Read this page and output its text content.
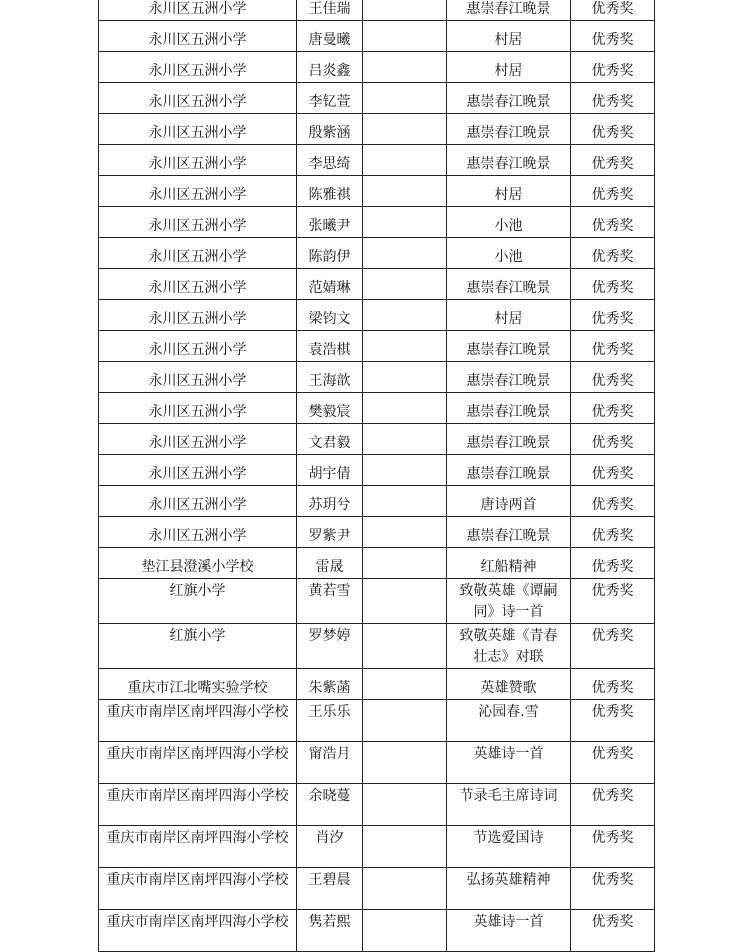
永川区五洲小学	王佳瑞		惠崇春江晚景	优秀奖
永川区五洲小学	唐曼曦		村居	优秀奖
永川区五洲小学	吕炎鑫		村居	优秀奖
永川区五洲小学	李钇萱		惠崇春江晚景	优秀奖
永川区五洲小学	殷紫涵		惠崇春江晚景	优秀奖
永川区五洲小学	李思绮		惠崇春江晚景	优秀奖
永川区五洲小学	陈雅祺		村居	优秀奖
永川区五洲小学	张曦尹		小池	优秀奖
永川区五洲小学	陈韵伊		小池	优秀奖
永川区五洲小学	范婧琳		惠崇春江晚景	优秀奖
永川区五洲小学	梁钧文		村居	优秀奖
永川区五洲小学	袁浩棋		惠崇春江晚景	优秀奖
永川区五洲小学	王海歆		惠崇春江晚景	优秀奖
永川区五洲小学	樊毅宸		惠崇春江晚景	优秀奖
永川区五洲小学	文君毅		惠崇春江晚景	优秀奖
永川区五洲小学	胡宇倩		惠崇春江晚景	优秀奖
永川区五洲小学	苏玥兮		唐诗两首	优秀奖
永川区五洲小学	罗紫尹		惠崇春江晚景	优秀奖
垫江县澄溪小学校	雷晟		红船精神	优秀奖
红旗小学	黄若雪		致敬英雄《谭嗣同》诗一首	优秀奖
红旗小学	罗梦婷		致敬英雄《青春壮志》对联	优秀奖
重庆市江北嘴实验学校	朱紫菡		英雄赞歌	优秀奖
重庆市南岸区南坪四海小学校	王乐乐		沁园春.雪	优秀奖
重庆市南岸区南坪四海小学校	甯浩月		英雄诗一首	优秀奖
重庆市南岸区南坪四海小学校	余晓蔓		节录毛主席诗词	优秀奖
重庆市南岸区南坪四海小学校	肖汐		节选爱国诗	优秀奖
重庆市南岸区南坪四海小学校	王碧晨		弘扬英雄精神	优秀奖
重庆市南岸区南坪四海小学校	隽若熙		英雄诗一首	优秀奖
